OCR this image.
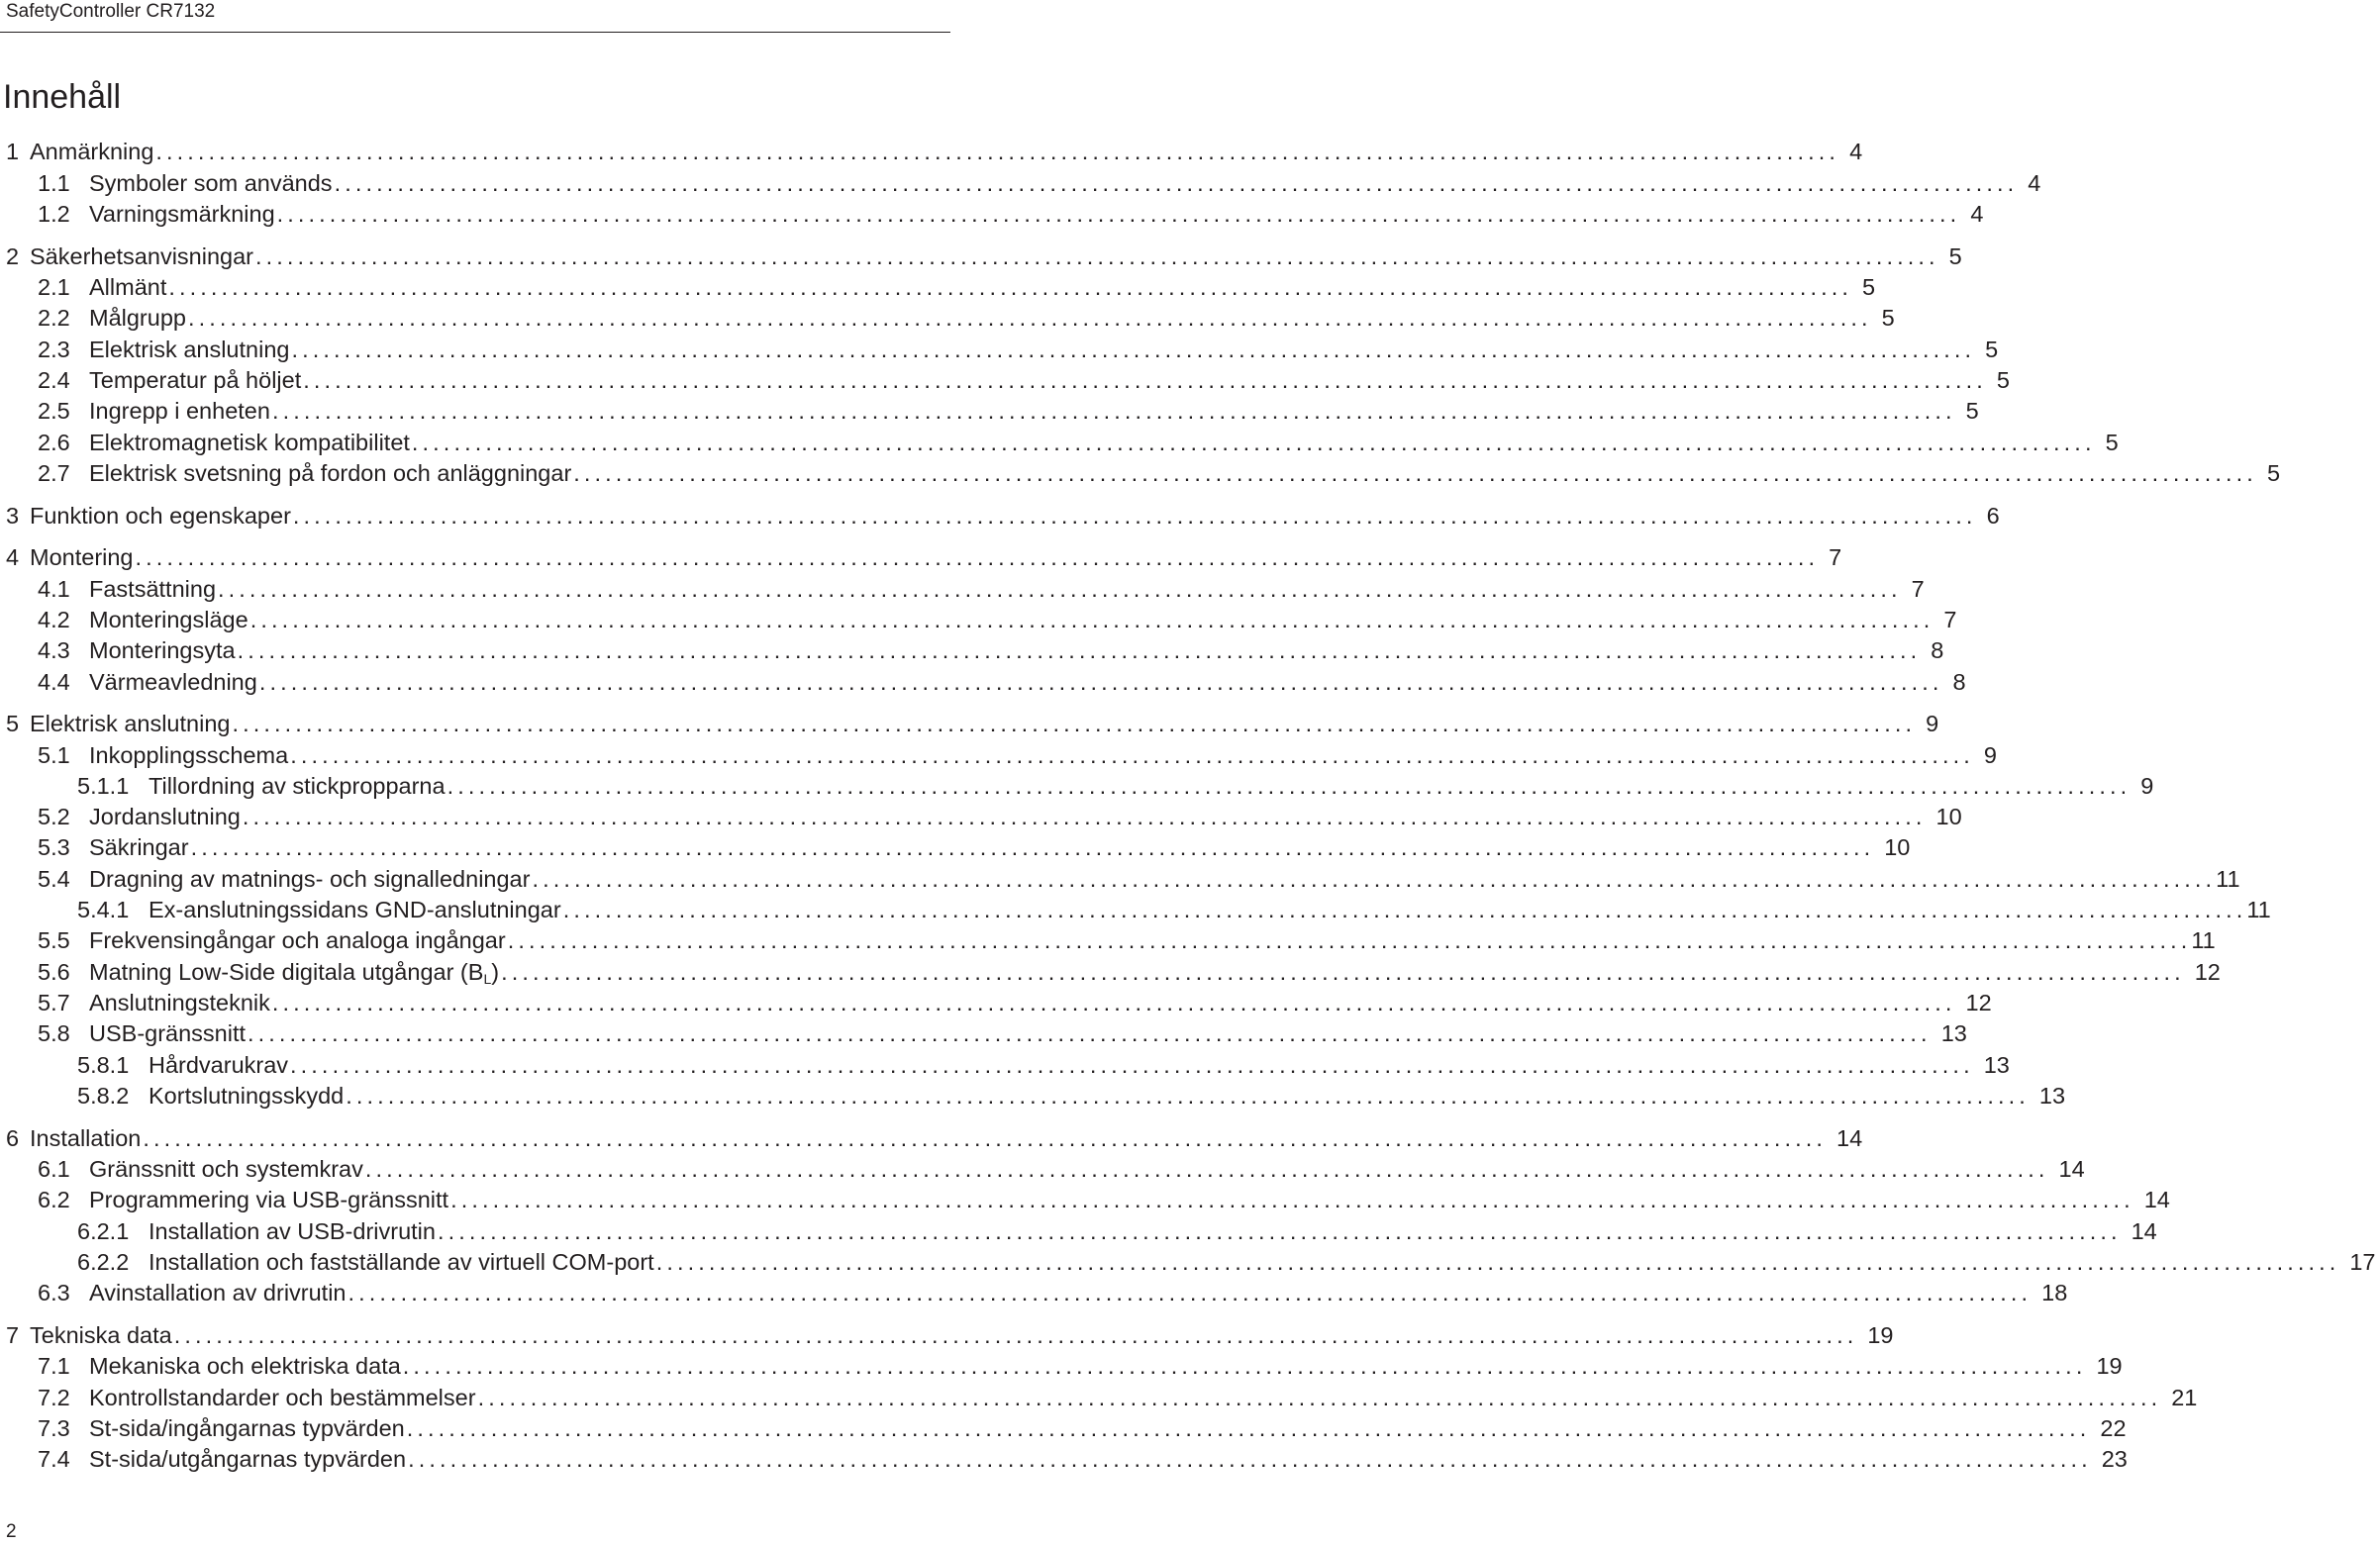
SafetyController CR7132
Innehåll
1 Anmärkning ................................................................................................................................................................ 4
1.1 Symboler som används ................................................................................................................................................................ 4
1.2 Varningsmärkning ................................................................................................................................................................ 4
2 Säkerhetsanvisningar ................................................................................................................................................................ 5
2.1 Allmänt ................................................................................................................................................................ 5
2.2 Målgrupp ................................................................................................................................................................ 5
2.3 Elektrisk anslutning ................................................................................................................................................................ 5
2.4 Temperatur på höljet ................................................................................................................................................................ 5
2.5 Ingrepp i enheten ................................................................................................................................................................ 5
2.6 Elektromagnetisk kompatibilitet ................................................................................................................................................................ 5
2.7 Elektrisk svetsning på fordon och anläggningar ................................................................................................................................................................ 5
3 Funktion och egenskaper ................................................................................................................................................................ 6
4 Montering ................................................................................................................................................................ 7
4.1 Fastsättning ................................................................................................................................................................ 7
4.2 Monteringsläge ................................................................................................................................................................ 7
4.3 Monteringsyta ................................................................................................................................................................ 8
4.4 Värmeavledning ................................................................................................................................................................ 8
5 Elektrisk anslutning ................................................................................................................................................................ 9
5.1 Inkopplingsschema ................................................................................................................................................................ 9
5.1.1 Tillordning av stickpropparna ................................................................................................................................................................ 9
5.2 Jordanslutning ................................................................................................................................................................ 10
5.3 Säkringar ................................................................................................................................................................ 10
5.4 Dragning av matnings- och signalledningar ................................................................................................................................................................ 11
5.4.1 Ex-anslutningssidans GND-anslutningar ................................................................................................................................................................ 11
5.5 Frekvensingångar och analoga ingångar ................................................................................................................................................................ 11
5.6 Matning Low-Side digitala utgångar $(B_L)$ ................................................................................................................................................................ 12
5.7 Anslutningsteknik ................................................................................................................................................................ 12
5.8 USB-gränssnitt ................................................................................................................................................................ 13
5.8.1 Hårdvarukrav ................................................................................................................................................................ 13
5.8.2 Kortslutningsskydd ................................................................................................................................................................ 13
6 Installation ................................................................................................................................................................ 14
6.1 Gränssnitt och systemkrav ................................................................................................................................................................ 14
6.2 Programmering via USB-gränssnitt ................................................................................................................................................................ 14
6.2.1 Installation av USB-drivrutin ................................................................................................................................................................ 14
6.2.2 Installation och fastställande av virtuell COM-port ................................................................................................................................................................ 17
6.3 Avinstallation av drivrutin ................................................................................................................................................................ 18
7 Tekniska data ................................................................................................................................................................ 19
7.1 Mekaniska och elektriska data ................................................................................................................................................................ 19
7.2 Kontrollstandarder och bestämmelser ................................................................................................................................................................ 21
7.3 St-sida/ingångarnas typvärden ................................................................................................................................................................ 22
7.4 St-sida/utgångarnas typvärden ................................................................................................................................................................ 23
2
